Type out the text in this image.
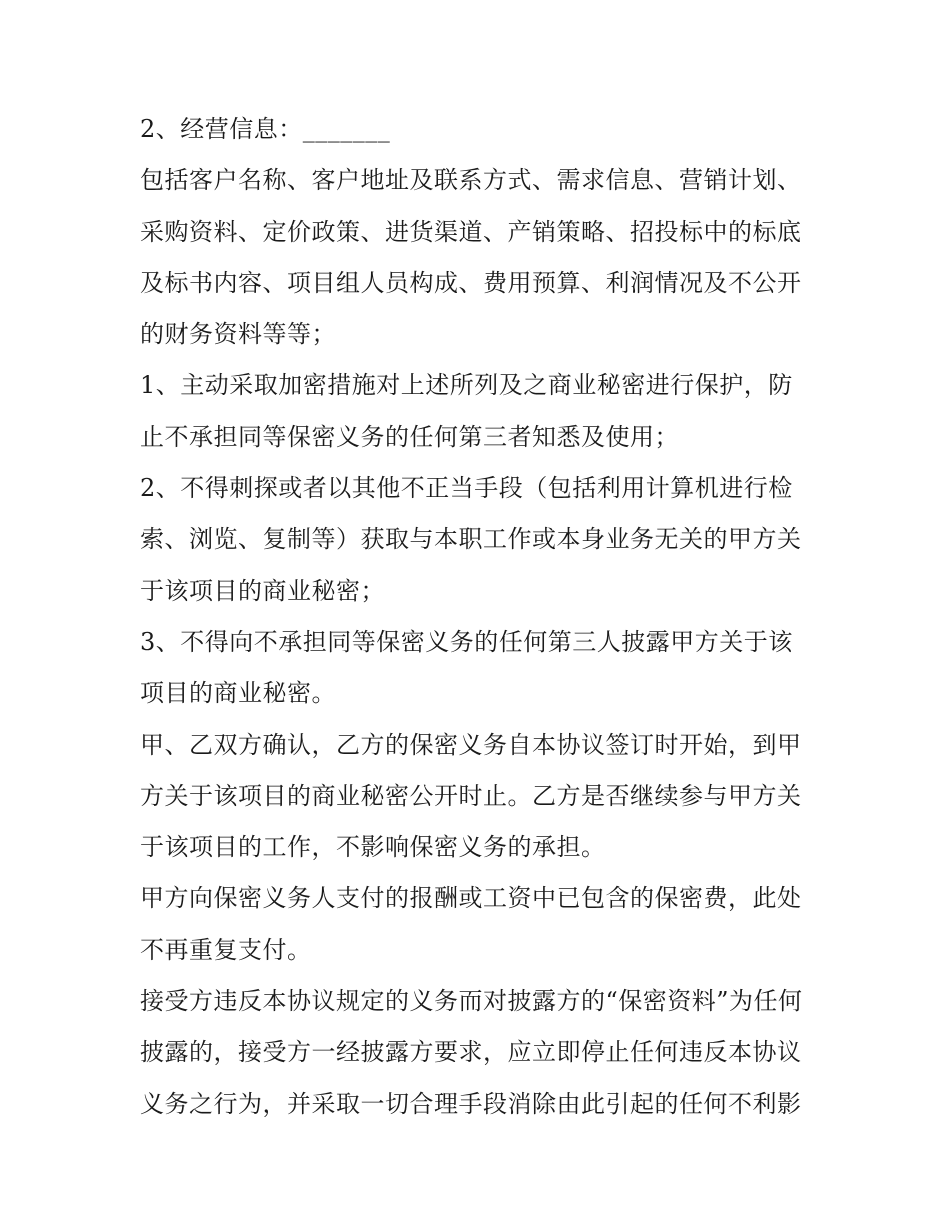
2、经营信息：_______
包括客户名称、客户地址及联系方式、需求信息、营销计划、
采购资料、定价政策、进货渠道、产销策略、招投标中的标底
及标书内容、项目组人员构成、费用预算、利润情况及不公开
的财务资料等等；
1、主动采取加密措施对上述所列及之商业秘密进行保护，防
止不承担同等保密义务的任何第三者知悉及使用；
2、不得刺探或者以其他不正当手段（包括利用计算机进行检
索、浏览、复制等）获取与本职工作或本身业务无关的甲方关
于该项目的商业秘密；
3、不得向不承担同等保密义务的任何第三人披露甲方关于该
项目的商业秘密。
甲、乙双方确认，乙方的保密义务自本协议签订时开始，到甲
方关于该项目的商业秘密公开时止。乙方是否继续参与甲方关
于该项目的工作，不影响保密义务的承担。
甲方向保密义务人支付的报酬或工资中已包含的保密费，此处
不再重复支付。
接受方违反本协议规定的义务而对披露方的“保密资料”为任何
披露的，接受方一经披露方要求，应立即停止任何违反本协议
义务之行为，并采取一切合理手段消除由此引起的任何不利影
